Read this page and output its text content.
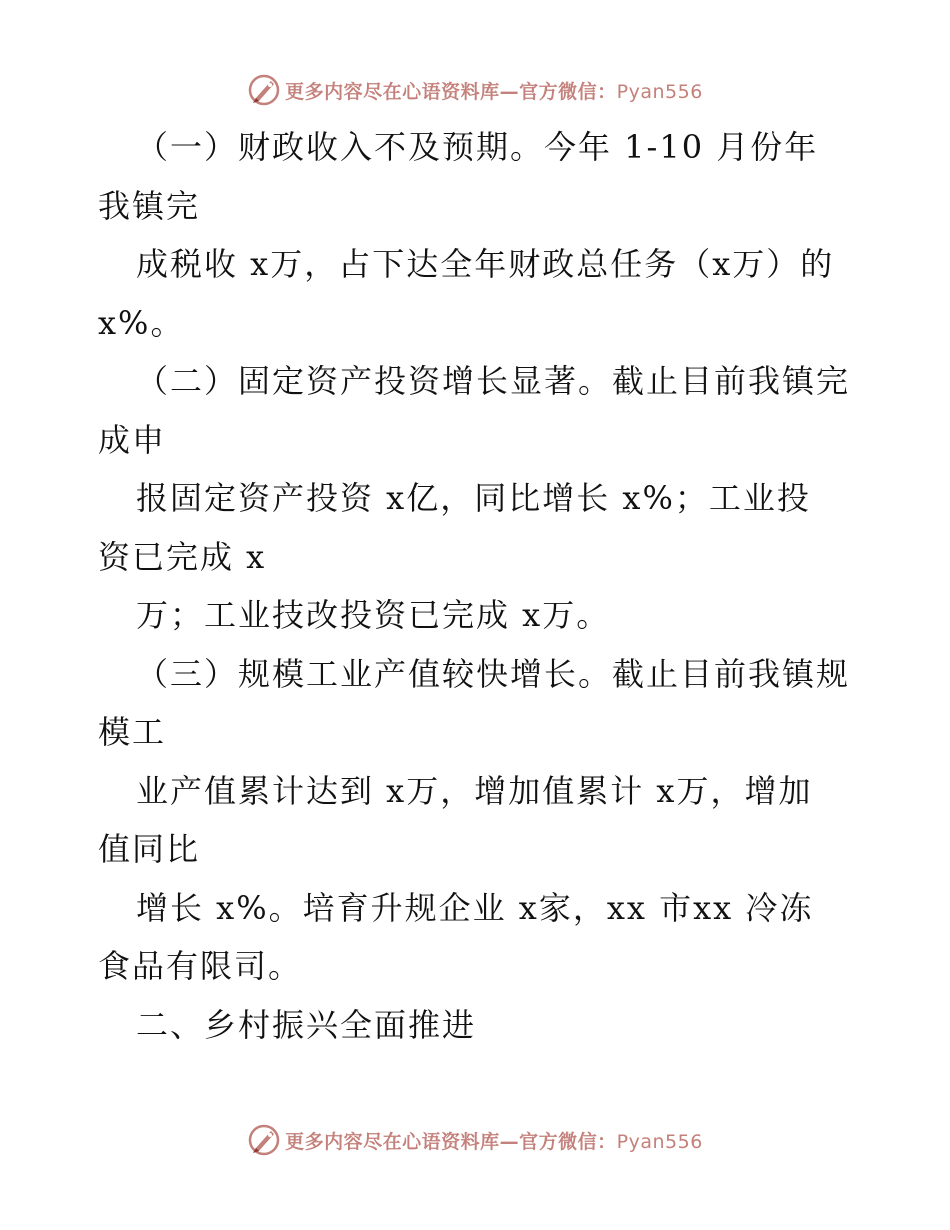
更多内容尽在心语资料库—官方微信：Pyan556
（一）财政收入不及预期。今年 1-10 月份年
我镇完
成税收 x万，占下达全年财政总任务（x万）的
x%。
（二）固定资产投资增长显著。截止目前我镇完
成申
报固定资产投资 x亿，同比增长 x%；工业投
资已完成 x
万；工业技改投资已完成 x万。
（三）规模工业产值较快增长。截止目前我镇规
模工
业产值累计达到 x万，增加值累计 x万，增加
值同比
增长 x%。培育升规企业 x家，xx 市xx 冷冻
食品有限司。
二、乡村振兴全面推进
更多内容尽在心语资料库—官方微信：Pyan556
